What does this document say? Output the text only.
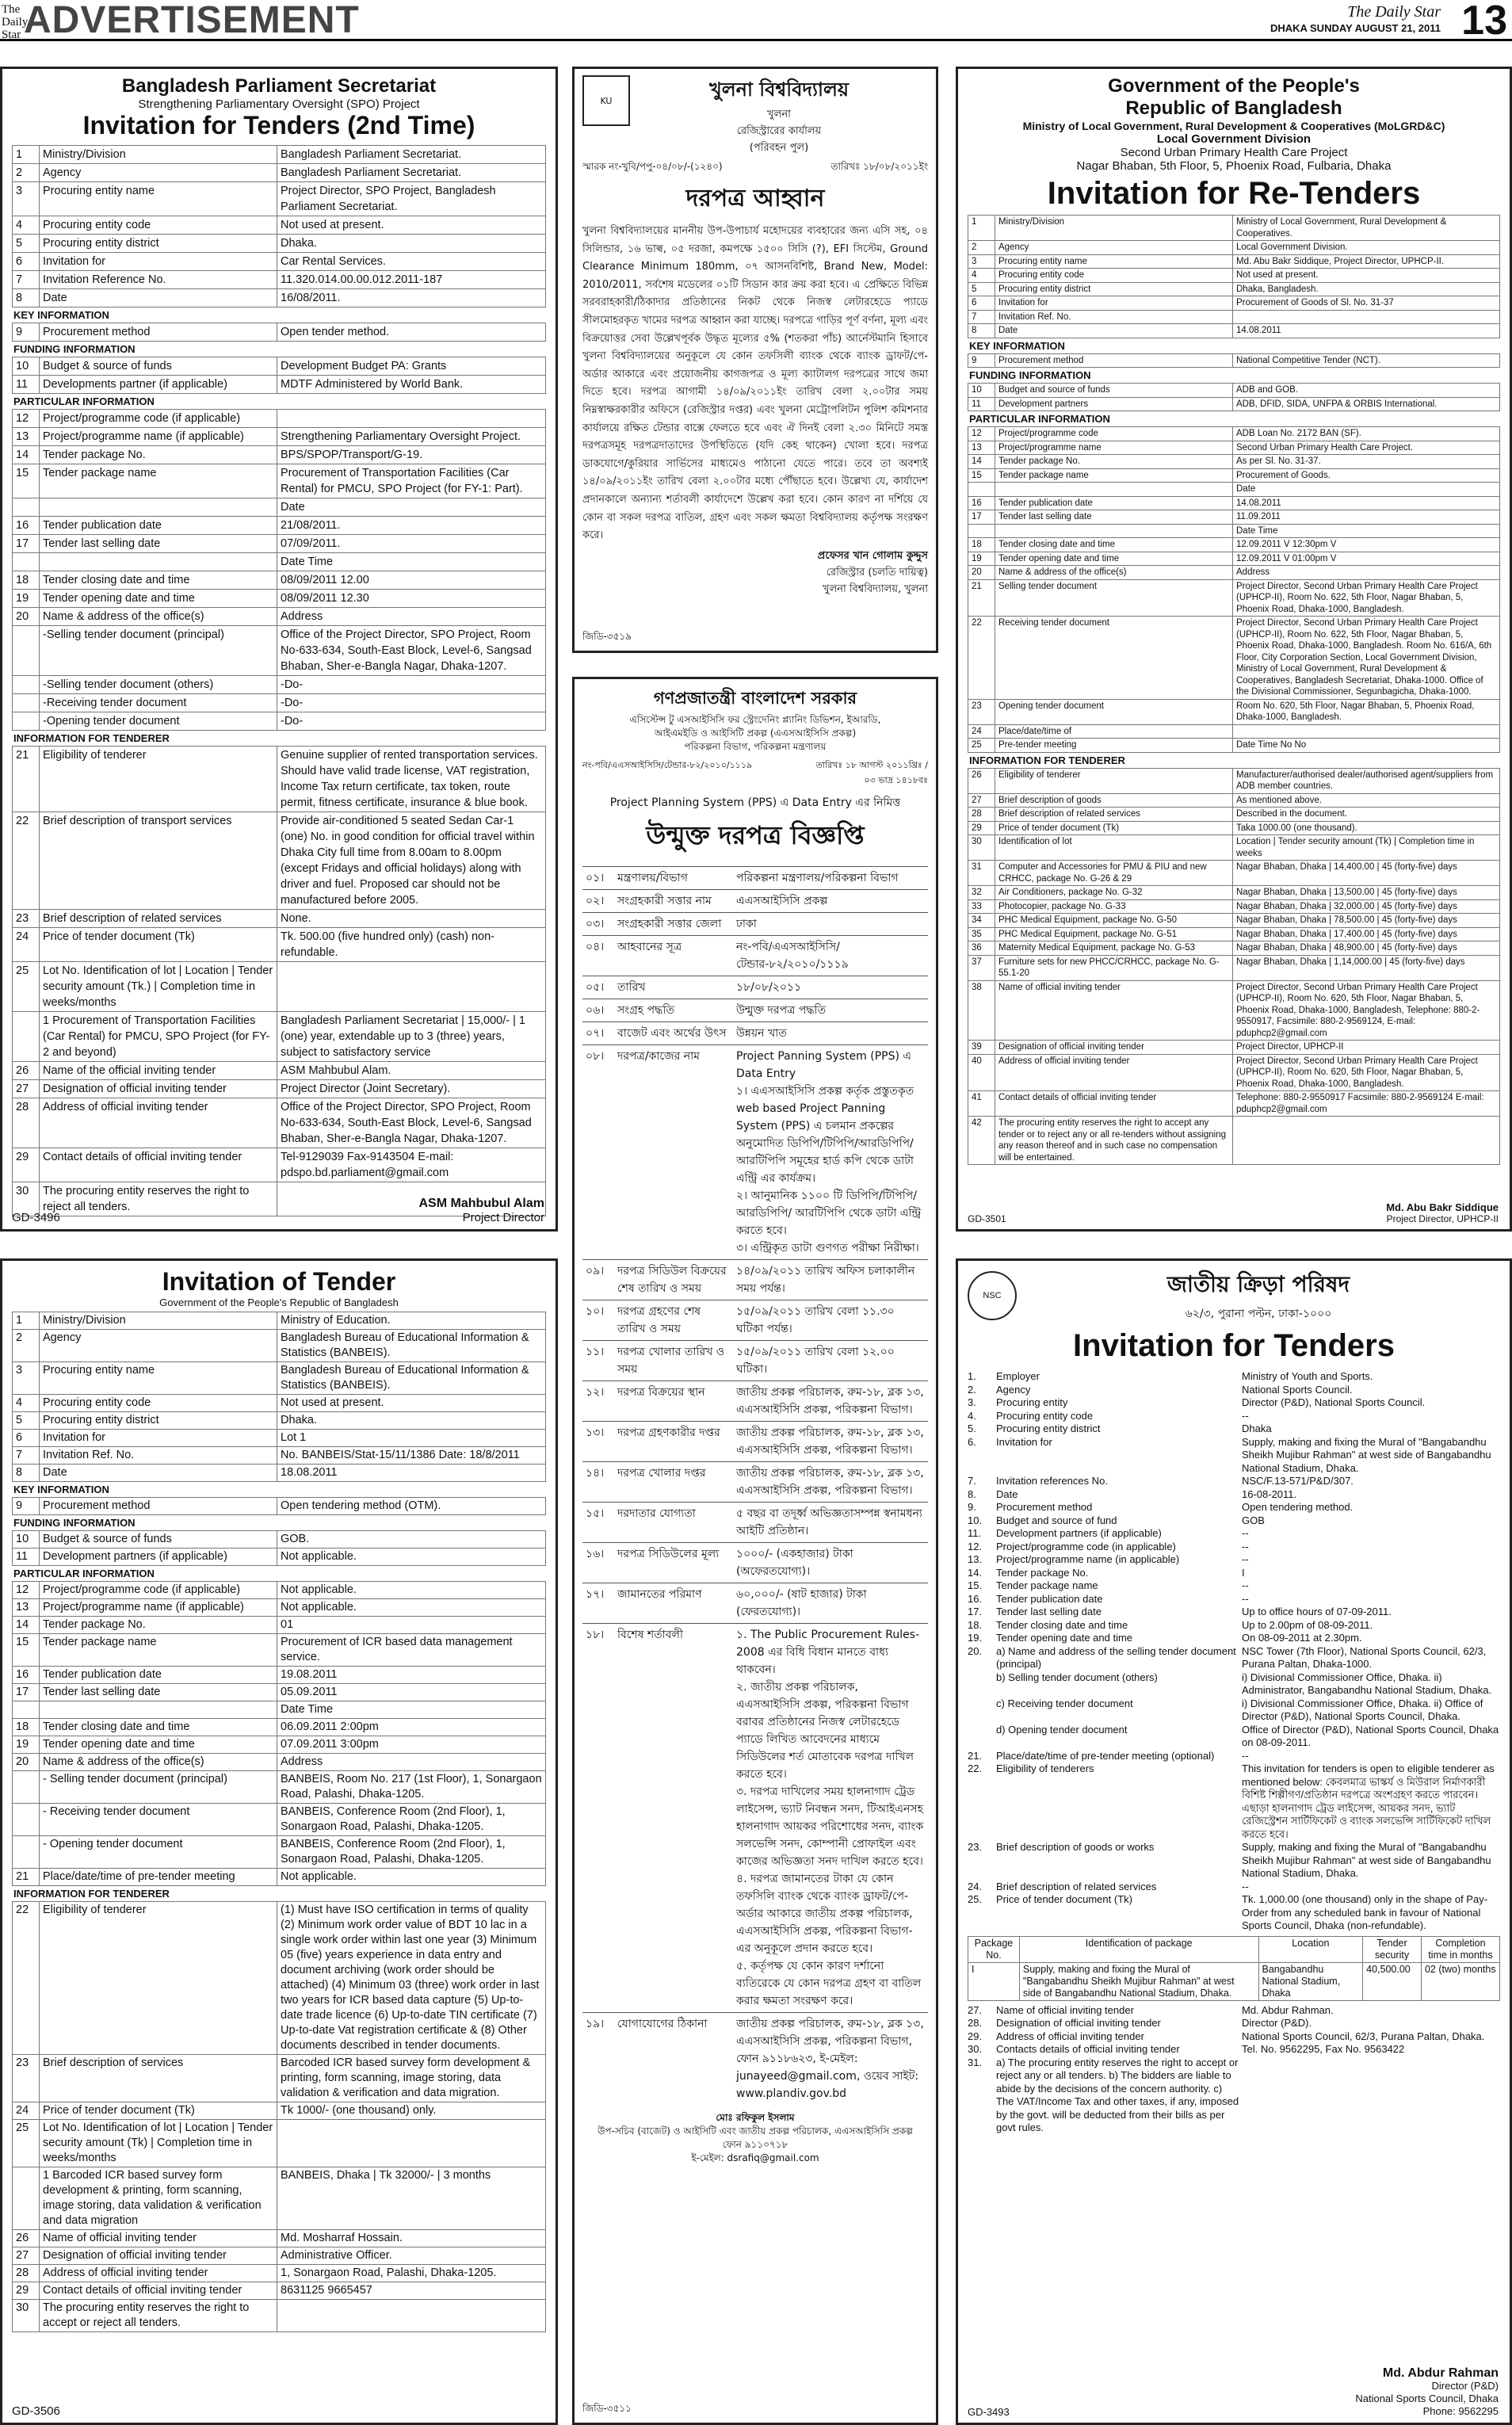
The Daily Star ADVERTISEMENT	The Daily Star
DHAKA SUNDAY AUGUST 21, 2011 13
Bangladesh Parliament Secretariat
Strengthening Parliamentary Oversight (SPO) Project
Invitation for Tenders (2nd Time)
1	Ministry/Division	Bangladesh Parliament Secretariat.
2	Agency	Bangladesh Parliament Secretariat.
3	Procuring entity name	Project Director, SPO Project, Bangladesh Parliament Secretariat.
4	Procuring entity code	Not used at present.
5	Procuring entity district	Dhaka.
6	Invitation for	Car Rental Services.
7	Invitation Reference No.	11.320.014.00.00.012.2011-187
8	Date	16/08/2011.
KEY INFORMATION
9	Procurement method	Open tender method.
FUNDING INFORMATION
10	Budget & source of funds	Development Budget PA: Grants
11	Developments partner (if applicable)	MDTF Administered by World Bank.
PARTICULAR INFORMATION
12	Project/programme code (if applicable)	
13	Project/programme name (if applicable)	Strengthening Parliamentary Oversight Project.
14	Tender package No.	BPS/SPOP/Transport/G-19.
15	Tender package name	Procurement of Transportation Facilities (Car Rental) for PMCU, SPO Project (for FY-1: Part).
		Date
16	Tender publication date	21/08/2011.
17	Tender last selling date	07/09/2011.
		Date Time
18	Tender closing date and time	08/09/2011 12.00
19	Tender opening date and time	08/09/2011 12.30
20	Name & address of the office(s)	Address
	-Selling tender document (principal)	Office of the Project Director, SPO Project, Room No-633-634, South-East Block, Level-6, Sangsad Bhaban, Sher-e-Bangla Nagar, Dhaka-1207.
	-Selling tender document (others)	-Do-
	-Receiving tender document	-Do-
	-Opening tender document	-Do-
INFORMATION FOR TENDERER
21	Eligibility of tenderer	Genuine supplier of rented transportation services. Should have valid trade license, VAT registration, Income Tax return certificate, tax token, route permit, fitness certificate, insurance & blue book.
22	Brief description of transport services	Provide air-conditioned 5 seated Sedan Car-1 (one) No. in good condition for official travel within Dhaka City full time from 8.00am to 8.00pm (except Fridays and official holidays) along with driver and fuel. Proposed car should not be manufactured before 2005.
23	Brief description of related services	None.
24	Price of tender document (Tk)	Tk. 500.00 (five hundred only) (cash) non-refundable.
25	Lot No. Identification of lot | Location | Tender security amount (Tk.) | Completion time in weeks/months	
	1 Procurement of Transportation Facilities (Car Rental) for PMCU, SPO Project (for FY-2 and beyond)	Bangladesh Parliament Secretariat | 15,000/- | 1 (one) year, extendable up to 3 (three) years, subject to satisfactory service
26	Name of the official inviting tender	ASM Mahbubul Alam.
27	Designation of official inviting tender	Project Director (Joint Secretary).
28	Address of official inviting tender	Office of the Project Director, SPO Project, Room No-633-634, South-East Block, Level-6, Sangsad Bhaban, Sher-e-Bangla Nagar, Dhaka-1207.
29	Contact details of official inviting tender	Tel-9129039 Fax-9143504 E-mail: pdspo.bd.parliament@gmail.com
30	The procuring entity reserves the right to reject all tenders.	
GD-3496
ASM Mahbubul Alam
Project Director
Invitation of Tender
Government of the People's Republic of Bangladesh
1	Ministry/Division	Ministry of Education.
2	Agency	Bangladesh Bureau of Educational Information & Statistics (BANBEIS).
3	Procuring entity name	Bangladesh Bureau of Educational Information & Statistics (BANBEIS).
4	Procuring entity code	Not used at present.
5	Procuring entity district	Dhaka.
6	Invitation for	Lot 1
7	Invitation Ref. No.	No. BANBEIS/Stat-15/11/1386 Date: 18/8/2011
8	Date	18.08.2011
KEY INFORMATION
9	Procurement method	Open tendering method (OTM).
FUNDING INFORMATION
10	Budget & source of funds	GOB.
11	Development partners (if applicable)	Not applicable.
PARTICULAR INFORMATION
12	Project/programme code (if applicable)	Not applicable.
13	Project/programme name (if applicable)	Not applicable.
14	Tender package No.	01
15	Tender package name	Procurement of ICR based data management service.
16	Tender publication date	19.08.2011
17	Tender last selling date	05.09.2011
		Date Time
18	Tender closing date and time	06.09.2011 2:00pm
19	Tender opening date and time	07.09.2011 3:00pm
20	Name & address of the office(s)	Address
	- Selling tender document (principal)	BANBEIS, Room No. 217 (1st Floor), 1, Sonargaon Road, Palashi, Dhaka-1205.
	- Receiving tender document	BANBEIS, Conference Room (2nd Floor), 1, Sonargaon Road, Palashi, Dhaka-1205.
	- Opening tender document	BANBEIS, Conference Room (2nd Floor), 1, Sonargaon Road, Palashi, Dhaka-1205.
21	Place/date/time of pre-tender meeting	Not applicable.
INFORMATION FOR TENDERER
22	Eligibility of tenderer	(1) Must have ISO certification in terms of quality (2) Minimum work order value of BDT 10 lac in a single work order within last one year (3) Minimum 05 (five) years experience in data entry and document archiving (work order should be attached) (4) Minimum 03 (three) work order in last two years for ICR based data capture (5) Up-to-date trade licence (6) Up-to-date TIN certificate (7) Up-to-date Vat registration certificate & (8) Other documents described in tender documents.
23	Brief description of services	Barcoded ICR based survey form development & printing, form scanning, image storing, data validation & verification and data migration.
24	Price of tender document (Tk)	Tk 1000/- (one thousand) only.
25	Lot No. Identification of lot | Location | Tender security amount (Tk) | Completion time in weeks/months	
	1 Barcoded ICR based survey form development & printing, form scanning, image storing, data validation & verification and data migration	BANBEIS, Dhaka | Tk 32000/- | 3 months
26	Name of official inviting tender	Md. Mosharraf Hossain.
27	Designation of official inviting tender	Administrative Officer.
28	Address of official inviting tender	1, Sonargaon Road, Palashi, Dhaka-1205.
29	Contact details of official inviting tender	8631125 9665457
30	The procuring entity reserves the right to accept or reject all tenders.	
GD-3506
KU	খুলনা বিশ্ববিদ্যালয়
খুলনা
রেজিস্ট্রারের কার্যালয়
(পরিবহন পুল)
স্মারক নং-খুবি/পপু-০৪/০৮/-(১২৪০)	তারিখঃ ১৮/০৮/২০১১ইং
দরপত্র আহ্বান
খুলনা বিশ্ববিদ্যালয়ের মাননীয় উপ-উপাচার্য মহোদয়ের ব্যবহারের জন্য এসি সহ, ০৪ সিলিন্ডার, ১৬ ভাল্ব, ০৫ দরজা, কমপক্ষে ১৫০০ সিসি (?), EFI সিস্টেম, Ground Clearance Minimum 180mm, ০৭ আসনবিশিষ্ট, Brand New, Model: 2010/2011, সর্বশেষ মডেলের ০১টি সিডান কার ক্রয় করা হবে। এ প্রেক্ষিতে বিভিন্ন সরবরাহকারী/ঠিকাদার প্রতিষ্ঠানের নিকট থেকে নিজস্ব লেটারহেডে প্যাডে সীলমোহরকৃত খামের দরপত্র আহ্বান করা যাচ্ছে। দরপত্রে গাড়ির পূর্ণ বর্ণনা, মূল্য এবং বিক্রয়োত্তর সেবা উল্লেখপূর্বক উদ্ধৃত মূল্যের ৫% (শতকরা পাঁচ) আর্নেস্টমানি হিসাবে খুলনা বিশ্ববিদ্যালয়ের অনুকূলে যে কোন তফসিলী ব্যাংক থেকে ব্যাংক ড্রাফট/পে-অর্ডার আকারে এবং প্রয়োজনীয় কাগজপত্র ও মূল্য ক্যাটালগ দরপত্রের সাথে জমা দিতে হবে। দরপত্র আগামী ১৪/০৯/২০১১ইং তারিখ বেলা ২.০০টার সময় নিম্নস্বাক্ষরকারীর অফিসে (রেজিস্ট্রার দপ্তর) এবং খুলনা মেট্রোপলিটন পুলিশ কমিশনার কার্যালয়ে রক্ষিত টেন্ডার বাক্সে ফেলতে হবে এবং ঐ দিনই বেলা ২.৩০ মিনিটে সমস্ত দরপত্রসমূহ দরপত্রদাতাদের উপস্থিতিতে (যদি কেহ থাকেন) খোলা হবে। দরপত্র ডাকযোগে/কুরিয়ার সার্ভিসের মাধ্যমেও পাঠানো যেতে পারে। তবে তা অবশ্যই ১৪/০৯/২০১১ইং তারিখ বেলা ২.০০টার মধ্যে পৌঁছাতে হবে। উল্লেখ্য যে, কার্যাদেশ প্রদানকালে অন্যান্য শর্তাবলী কার্যাদেশে উল্লেখ করা হবে। কোন কারণ না দর্শিয়ে যে কোন বা সকল দরপত্র বাতিল, গ্রহণ এবং সকল ক্ষমতা বিশ্ববিদ্যালয় কর্তৃপক্ষ সংরক্ষণ করে।
প্রফেসর খান গোলাম কুদ্দুস
রেজিস্ট্রার (চলতি দায়িত্ব)
খুলনা বিশ্ববিদ্যালয়, খুলনা
জিডি-৩৫১৯
গণপ্রজাতন্ত্রী বাংলাদেশ সরকার
এসিস্টেন্স টু এসআইসিসি ফর স্ট্রেংদেনিং প্ল্যানিং ডিভিশন, ইআরডি,
আইএমইডি ও আইসিটি প্রকল্প (এএসআইসিসি প্রকল্প)
পরিকল্পনা বিভাগ, পরিকল্পনা মন্ত্রণালয়
নং-পবি/এএসআইসিসি/টেন্ডার-৮২/২০১০/১১১৯	তারিখঃ ১৮ আগস্ট ২০১১খ্রিঃ / ০৩ ভাদ্র ১৪১৮বঃ
Project Planning System (PPS) এ Data Entry এর নিমিত্ত
উন্মুক্ত দরপত্র বিজ্ঞপ্তি
০১।	মন্ত্রণালয়/বিভাগ	পরিকল্পনা মন্ত্রণালয়/পরিকল্পনা বিভাগ
০২।	সংগ্রহকারী সত্তার নাম	এএসআইসিসি প্রকল্প
০৩।	সংগ্রহকারী সত্তার জেলা	ঢাকা
০৪।	আহবানের সূত্র	নং-পবি/এএসআইসিসি/টেন্ডার-৮২/২০১০/১১১৯
০৫।	তারিখ	১৮/০৮/২০১১
০৬।	সংগ্রহ পদ্ধতি	উন্মুক্ত দরপত্র পদ্ধতি
০৭।	বাজেট এবং অর্থের উৎস	উন্নয়ন খাত
০৮।	দরপত্র/কাজের নাম	Project Panning System (PPS) এ Data Entry
১। এএসআইসিসি প্রকল্প কর্তৃক প্রস্তুতকৃত web based Project Panning System (PPS) এ চলমান প্রকল্পের অনুমোদিত ডিপিপি/টিপিপি/আরডিপিপি/ আরটিপিপি সমূহের হার্ড কপি থেকে ডাটা এন্ট্রি এর কার্যক্রম।
২। আনুমানিক ১১০০ টি ডিপিপি/টিপিপি/আরডিপিপি/ আরটিপিপি থেকে ডাটা এন্ট্রি করতে হবে।
৩। এন্ট্রিকৃত ডাটা গুণগত পরীক্ষা নিরীক্ষা।
০৯।	দরপত্র সিডিউল বিক্রয়ের শেষ তারিখ ও সময়	১৪/০৯/২০১১ তারিখ অফিস চলাকালীন সময় পর্যন্ত।
১০।	দরপত্র গ্রহণের শেষ তারিখ ও সময়	১৫/০৯/২০১১ তারিখ বেলা ১১.৩০ ঘটিকা পর্যন্ত।
১১।	দরপত্র খোলার তারিখ ও সময়	১৫/০৯/২০১১ তারিখ বেলা ১২.০০ ঘটিকা।
১২।	দরপত্র বিক্রয়ের স্থান	জাতীয় প্রকল্প পরিচালক, রুম-১৮, ব্লক ১৩, এএসআইসিসি প্রকল্প, পরিকল্পনা বিভাগ।
১৩।	দরপত্র গ্রহণকারীর দপ্তর	জাতীয় প্রকল্প পরিচালক, রুম-১৮, ব্লক ১৩, এএসআইসিসি প্রকল্প, পরিকল্পনা বিভাগ।
১৪।	দরপত্র খোলার দপ্তর	জাতীয় প্রকল্প পরিচালক, রুম-১৮, ব্লক ১৩, এএসআইসিসি প্রকল্প, পরিকল্পনা বিভাগ।
১৫।	দরদাতার যোগ্যতা	৫ বছর বা তদূর্ধ্ব অভিজ্ঞতাসম্পন্ন স্বনামধন্য আইটি প্রতিষ্ঠান।
১৬।	দরপত্র সিডিউলের মূল্য	১০০০/- (একহাজার) টাকা (অফেরতযোগ্য)।
১৭।	জামানতের পরিমাণ	৬০,০০০/- (ষাট হাজার) টাকা (ফেরতযোগ্য)।
১৮।	বিশেষ শর্তাবলী	১. The Public Procurement Rules-2008 এর বিধি বিধান মানতে বাধ্য থাকবেন।
২. জাতীয় প্রকল্প পরিচালক, এএসআইসিসি প্রকল্প, পরিকল্পনা বিভাগ বরাবর প্রতিষ্ঠানের নিজস্ব লেটারহেডে প্যাডে লিখিত আবেদনের মাধ্যমে সিডিউলের শর্ত মোতাবেক দরপত্র দাখিল করতে হবে।
৩. দরপত্র দাখিলের সময় হালনাগাদ ট্রেড লাইসেন্স, ভ্যাট নিবন্ধন সনদ, টিআইএনসহ হালনাগাদ আয়কর পরিশোধের সনদ, ব্যাংক সলভেন্সি সনদ, কোম্পানী প্রোফাইল এবং কাজের অভিজ্ঞতা সনদ দাখিল করতে হবে।
৪. দরপত্র জামানতের টাকা যে কোন তফসিলি ব্যাংক থেকে ব্যাংক ড্রাফট/পে-অর্ডার আকারে জাতীয় প্রকল্প পরিচালক, এএসআইসিসি প্রকল্প, পরিকল্পনা বিভাগ-এর অনুকূলে প্রদান করতে হবে।
৫. কর্তৃপক্ষ যে কোন কারণ দর্শানো ব্যতিরেকে যে কোন দরপত্র গ্রহণ বা বাতিল করার ক্ষমতা সংরক্ষণ করে।
১৯।	যোগাযোগের ঠিকানা	জাতীয় প্রকল্প পরিচালক, রুম-১৮, ব্লক ১৩, এএসআইসিসি প্রকল্প, পরিকল্পনা বিভাগ, ফোন ৯১১৮৬২৩, ই-মেইল: junayeed@gmail.com, ওয়েব সাইট: www.plandiv.gov.bd
মোঃ রফিকুল ইসলাম
উপ-সচিব (বাজেট) ও আইসিটি এবং জাতীয় প্রকল্প পরিচালক, এএসআইসিসি প্রকল্প
ফোন ৯১১০৭১৮
ই-মেইল: dsrafiq@gmail.com
জিডি-৩৫১১
Government of the People's
Republic of Bangladesh
Ministry of Local Government, Rural Development & Cooperatives (MoLGRD&C)
Local Government Division
Second Urban Primary Health Care Project
Nagar Bhaban, 5th Floor, 5, Phoenix Road, Fulbaria, Dhaka
Invitation for Re-Tenders
1	Ministry/Division	Ministry of Local Government, Rural Development & Cooperatives.
2	Agency	Local Government Division.
3	Procuring entity name	Md. Abu Bakr Siddique, Project Director, UPHCP-II.
4	Procuring entity code	Not used at present.
5	Procuring entity district	Dhaka, Bangladesh.
6	Invitation for	Procurement of Goods of Sl. No. 31-37
7	Invitation Ref. No.	
8	Date	14.08.2011
KEY INFORMATION
9	Procurement method	National Competitive Tender (NCT).
FUNDING INFORMATION
10	Budget and source of funds	ADB and GOB.
11	Development partners	ADB, DFID, SIDA, UNFPA & ORBIS International.
PARTICULAR INFORMATION
12	Project/programme code	ADB Loan No. 2172 BAN (SF).
13	Project/programme name	Second Urban Primary Health Care Project.
14	Tender package No.	As per Sl. No. 31-37.
15	Tender package name	Procurement of Goods.
		Date
16	Tender publication date	14.08.2011
17	Tender last selling date	11.09.2011
		Date Time
18	Tender closing date and time	12.09.2011 V 12:30pm V
19	Tender opening date and time	12.09.2011 V 01:00pm V
20	Name & address of the office(s)	Address
21	Selling tender document	Project Director, Second Urban Primary Health Care Project (UPHCP-II), Room No. 622, 5th Floor, Nagar Bhaban, 5, Phoenix Road, Dhaka-1000, Bangladesh.
22	Receiving tender document	Project Director, Second Urban Primary Health Care Project (UPHCP-II), Room No. 622, 5th Floor, Nagar Bhaban, 5, Phoenix Road, Dhaka-1000, Bangladesh. Room No. 616/A, 6th Floor, City Corporation Section, Local Government Division, Ministry of Local Government, Rural Development & Cooperatives, Bangladesh Secretariat, Dhaka-1000. Office of the Divisional Commissioner, Segunbagicha, Dhaka-1000.
23	Opening tender document	Room No. 620, 5th Floor, Nagar Bhaban, 5, Phoenix Road, Dhaka-1000, Bangladesh.
24	Place/date/time of	
25	Pre-tender meeting	Date Time No No
INFORMATION FOR TENDERER
26	Eligibility of tenderer	Manufacturer/authorised dealer/authorised agent/suppliers from ADB member countries.
27	Brief description of goods	As mentioned above.
28	Brief description of related services	Described in the document.
29	Price of tender document (Tk)	Taka 1000.00 (one thousand).
30	Identification of lot	Location | Tender security amount (Tk) | Completion time in weeks
31	Computer and Accessories for PMU & PIU and new CRHCC, package No. G-26 & 29	Nagar Bhaban, Dhaka | 14,400.00 | 45 (forty-five) days
32	Air Conditioners, package No. G-32	Nagar Bhaban, Dhaka | 13,500.00 | 45 (forty-five) days
33	Photocopier, package No. G-33	Nagar Bhaban, Dhaka | 32,000.00 | 45 (forty-five) days
34	PHC Medical Equipment, package No. G-50	Nagar Bhaban, Dhaka | 78,500.00 | 45 (forty-five) days
35	PHC Medical Equipment, package No. G-51	Nagar Bhaban, Dhaka | 17,400.00 | 45 (forty-five) days
36	Maternity Medical Equipment, package No. G-53	Nagar Bhaban, Dhaka | 48,900.00 | 45 (forty-five) days
37	Furniture sets for new PHCC/CRHCC, package No. G-55.1-20	Nagar Bhaban, Dhaka | 1,14,000.00 | 45 (forty-five) days
38	Name of official inviting tender	Project Director, Second Urban Primary Health Care Project (UPHCP-II), Room No. 620, 5th Floor, Nagar Bhaban, 5, Phoenix Road, Dhaka-1000, Bangladesh, Telephone: 880-2-9550917, Facsimile: 880-2-9569124, E-mail: pduphcp2@gmail.com
39	Designation of official inviting tender	Project Director, UPHCP-II
40	Address of official inviting tender	Project Director, Second Urban Primary Health Care Project (UPHCP-II), Room No. 620, 5th Floor, Nagar Bhaban, 5, Phoenix Road, Dhaka-1000, Bangladesh.
41	Contact details of official inviting tender	Telephone: 880-2-9550917 Facsimile: 880-2-9569124 E-mail: pduphcp2@gmail.com
42	The procuring entity reserves the right to accept any tender or to reject any or all re-tenders without assigning any reason thereof and in such case no compensation will be entertained.	
GD-3501
Md. Abu Bakr Siddique
Project Director, UPHCP-II
NSC	জাতীয় ক্রিড়া পরিষদ
৬২/৩, পুরানা পল্টন, ঢাকা-১০০০
Invitation for Tenders
1.	Employer	Ministry of Youth and Sports.
2.	Agency	National Sports Council.
3.	Procuring entity	Director (P&D), National Sports Council.
4.	Procuring entity code	--
5.	Procuring entity district	Dhaka
6.	Invitation for	Supply, making and fixing the Mural of "Bangabandhu Sheikh Mujibur Rahman" at west side of Bangabandhu National Stadium, Dhaka.
7.	Invitation references No.	NSC/F.13-571/P&D/307.
8.	Date	16-08-2011.
9.	Procurement method	Open tendering method.
10.	Budget and source of fund	GOB
11.	Development partners (if applicable)	--
12.	Project/programme code (in applicable)	--
13.	Project/programme name (in applicable)	--
14.	Tender package No.	I
15.	Tender package name	--
16.	Tender publication date	--
17.	Tender last selling date	Up to office hours of 07-09-2011.
18.	Tender closing date and time	Up to 2.00pm of 08-09-2011.
19.	Tender opening date and time	On 08-09-2011 at 2.30pm.
20.	a) Name and address of the selling tender document (principal)
NSC Tower (7th Floor), National Sports Council, 62/3, Purana Paltan, Dhaka-1000.
b) Selling tender document (others)	i) Divisional Commissioner Office, Dhaka. ii) Administrator, Bangabandhu National Stadium, Dhaka.
c) Receiving tender document	i) Divisional Commissioner Office, Dhaka. ii) Office of Director (P&D), National Sports Council, Dhaka.
d) Opening tender document	Office of Director (P&D), National Sports Council, Dhaka on 08-09-2011.
21.	Place/date/time of pre-tender meeting (optional)	--
22.	Eligibility of tenderers	This invitation for tenders is open to eligible tenderer as mentioned below: কেবলমাত্র ভাস্কর্য ও মিউরাল নির্মাণকারী বিশিষ্ট শিল্পীগণ/প্রতিষ্ঠান দরপত্রে অংশগ্রহণ করতে পারবেন। এছাড়া হালনাগাদ ট্রেড লাইসেন্স, আয়কর সনদ, ভ্যাট রেজিস্ট্রেশন সার্টিফিকেট ও ব্যাংক সলভেন্সি সার্টিফিকেট দাখিল করতে হবে।
23.	Brief description of goods or works	Supply, making and fixing the Mural of "Bangabandhu Sheikh Mujibur Rahman" at west side of Bangabandhu National Stadium, Dhaka.
24.	Brief description of related services	--
25.	Price of tender document (Tk)	Tk. 1,000.00 (one thousand) only in the shape of Pay-Order from any scheduled bank in favour of National Sports Council, Dhaka (non-refundable).
Package No.	Identification of package	Location	Tender security	Completion time in months
I	Supply, making and fixing the Mural of "Bangabandhu Sheikh Mujibur Rahman" at west side of Bangabandhu National Stadium, Dhaka.	Bangabandhu National Stadium, Dhaka	40,500.00	02 (two) months
27.	Name of official inviting tender	Md. Abdur Rahman.
28.	Designation of official inviting tender	Director (P&D).
29.	Address of official inviting tender	National Sports Council, 62/3, Purana Paltan, Dhaka.
30.	Contacts details of official inviting tender	Tel. No. 9562295, Fax No. 9563422
31.	a) The procuring entity reserves the right to accept or reject any or all tenders. b) The bidders are liable to abide by the decisions of the concern authority. c) The VAT/Income Tax and other taxes, if any, imposed by the govt. will be deducted from their bills as per govt rules.
GD-3493
Md. Abdur Rahman
Director (P&D)
National Sports Council, Dhaka
Phone: 9562295
